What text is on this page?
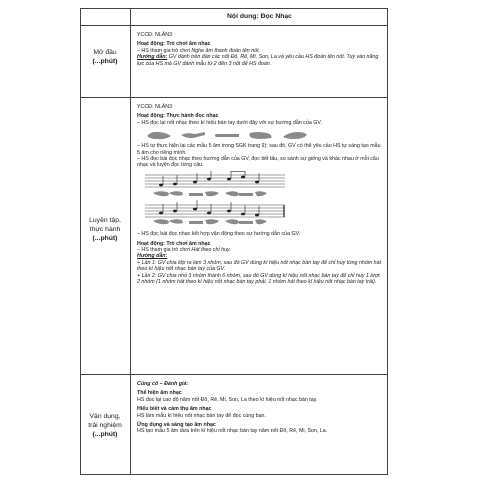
Nội dung: Đọc Nhạc
Mở đầu
(...phút)
Luyện tập,
thực hành
(...phút)
Vận dụng,
trải nghiệm
(...phút)

YCCĐ: NLÂN3

Hoạt động: Trò chơi âm nhạc

– HS tham gia trò chơi Nghe âm thanh đoán tên nốt.

Hướng dẫn: GV đánh trên đàn các nốt Đô, Rê, Mi, Son, La và yêu cầu HS đoán tên nốt. Tuỳ vào năng lực của HS mà GV đánh mẫu từ 2 đến 3 nốt để HS đoán.

YCCĐ: NLÂN3

Hoạt động: Thực hành đọc nhạc

– HS đọc lại nốt nhạc theo kí hiệu bàn tay dưới đây với sự hướng dẫn của GV.

– HS tự thực hiện lại các mẫu 5 âm trong SGK trang 9); sau đó, GV có thể yêu cầu HS tự sáng tạo mẫu 5 âm cho riêng mình.

– HS đọc bài đọc nhạc theo hướng dẫn của GV, đọc tiết tấu, so sánh sự giống và khác nhau ở mỗi câu nhạc và luyện đọc từng câu.

– HS đọc bài đọc nhạc kết hợp vận động theo sự hướng dẫn của GV.

Hoạt động: Trò chơi âm nhạc

– HS tham gia trò chơi Hát theo chỉ huy.

Hướng dẫn:

+ Lần 1: GV chia lớp ra làm 3 nhóm, sau đó GV dùng kí hiệu nốt nhạc bàn tay để chỉ huy từng nhóm hát theo kí hiệu nốt nhạc bàn tay của GV.

+ Lần 2: GV chia nhỏ 3 nhóm thành 6 nhóm, sau đó GV dùng kí hiệu nốt nhạc bàn tay để chỉ huy 1 lượt 2 nhóm (1 nhóm hát theo kí hiệu nốt nhạc bàn tay phải, 1 nhóm hát theo kí hiệu nốt nhạc bàn tay trái).

Củng cố – Đánh giá:

Thể hiện âm nhạc

HS đọc lại cao độ năm nốt Đô, Rê, Mi, Son, La theo kí hiệu nốt nhạc bàn tay.

Hiểu biết và cảm thụ âm nhạc

HS làm mẫu kí hiệu nốt nhạc bàn tay để đọc cùng bạn.

Ứng dụng và sáng tạo âm nhạc

HS tạo mẫu 5 âm dựa trên kí hiệu nốt nhạc bàn tay năm nốt Đô, Rê, Mi, Son, La.
